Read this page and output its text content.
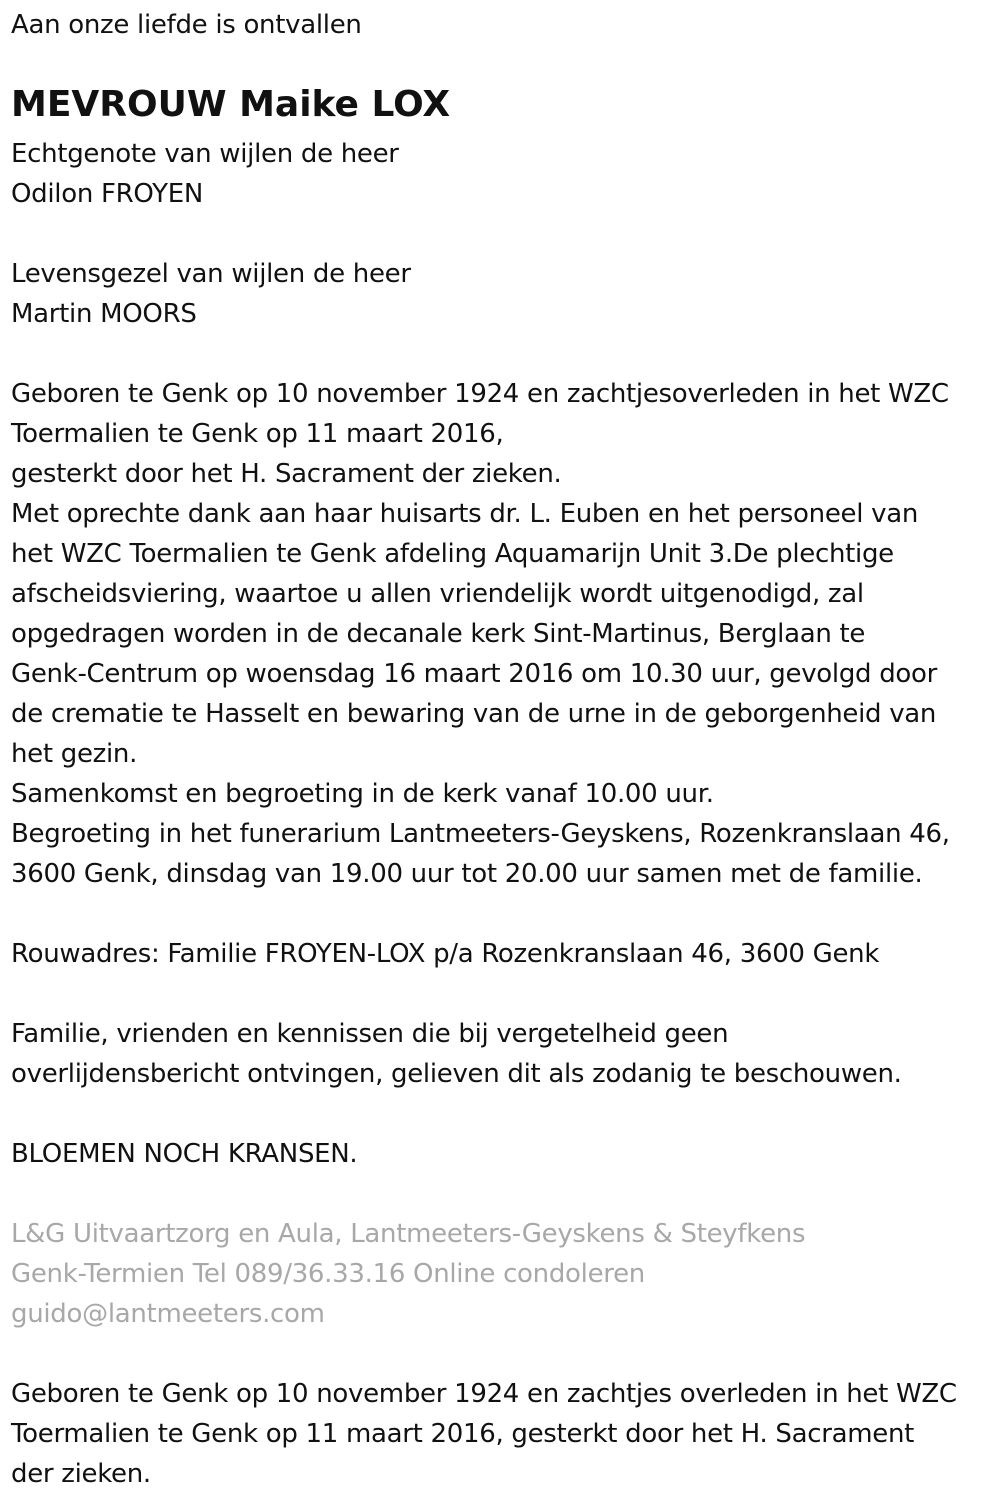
Aan onze liefde is ontvallen

MEVROUW Maike LOX

Echtgenote van wijlen de heer

Odilon FROYEN

Levensgezel van wijlen de heer

Martin MOORS

Geboren te Genk op 10 november 1924 en zachtjesoverleden in het WZC

Toermalien te Genk op 11 maart 2016,

gesterkt door het H. Sacrament der zieken.

Met oprechte dank aan haar huisarts dr. L. Euben en het personeel van

het WZC Toermalien te Genk afdeling Aquamarijn Unit 3.De plechtige

afscheidsviering, waartoe u allen vriendelijk wordt uitgenodigd, zal

opgedragen worden in de decanale kerk Sint-Martinus, Berglaan te

Genk-Centrum op woensdag 16 maart 2016 om 10.30 uur, gevolgd door

de crematie te Hasselt en bewaring van de urne in de geborgenheid van

het gezin.

Samenkomst en begroeting in de kerk vanaf 10.00 uur.

Begroeting in het funerarium Lantmeeters-Geyskens, Rozenkranslaan 46,

3600 Genk, dinsdag van 19.00 uur tot 20.00 uur samen met de familie.

Rouwadres: Familie FROYEN-LOX p/a Rozenkranslaan 46, 3600 Genk

Familie, vrienden en kennissen die bij vergetelheid geen

overlijdensbericht ontvingen, gelieven dit als zodanig te beschouwen.

BLOEMEN NOCH KRANSEN.

L&G Uitvaartzorg en Aula, Lantmeeters-Geyskens & Steyfkens

Genk-Termien Tel 089/36.33.16 Online condoleren

guido@lantmeeters.com

Geboren te Genk op 10 november 1924 en zachtjes overleden in het WZC

Toermalien te Genk op 11 maart 2016, gesterkt door het H. Sacrament

der zieken.
